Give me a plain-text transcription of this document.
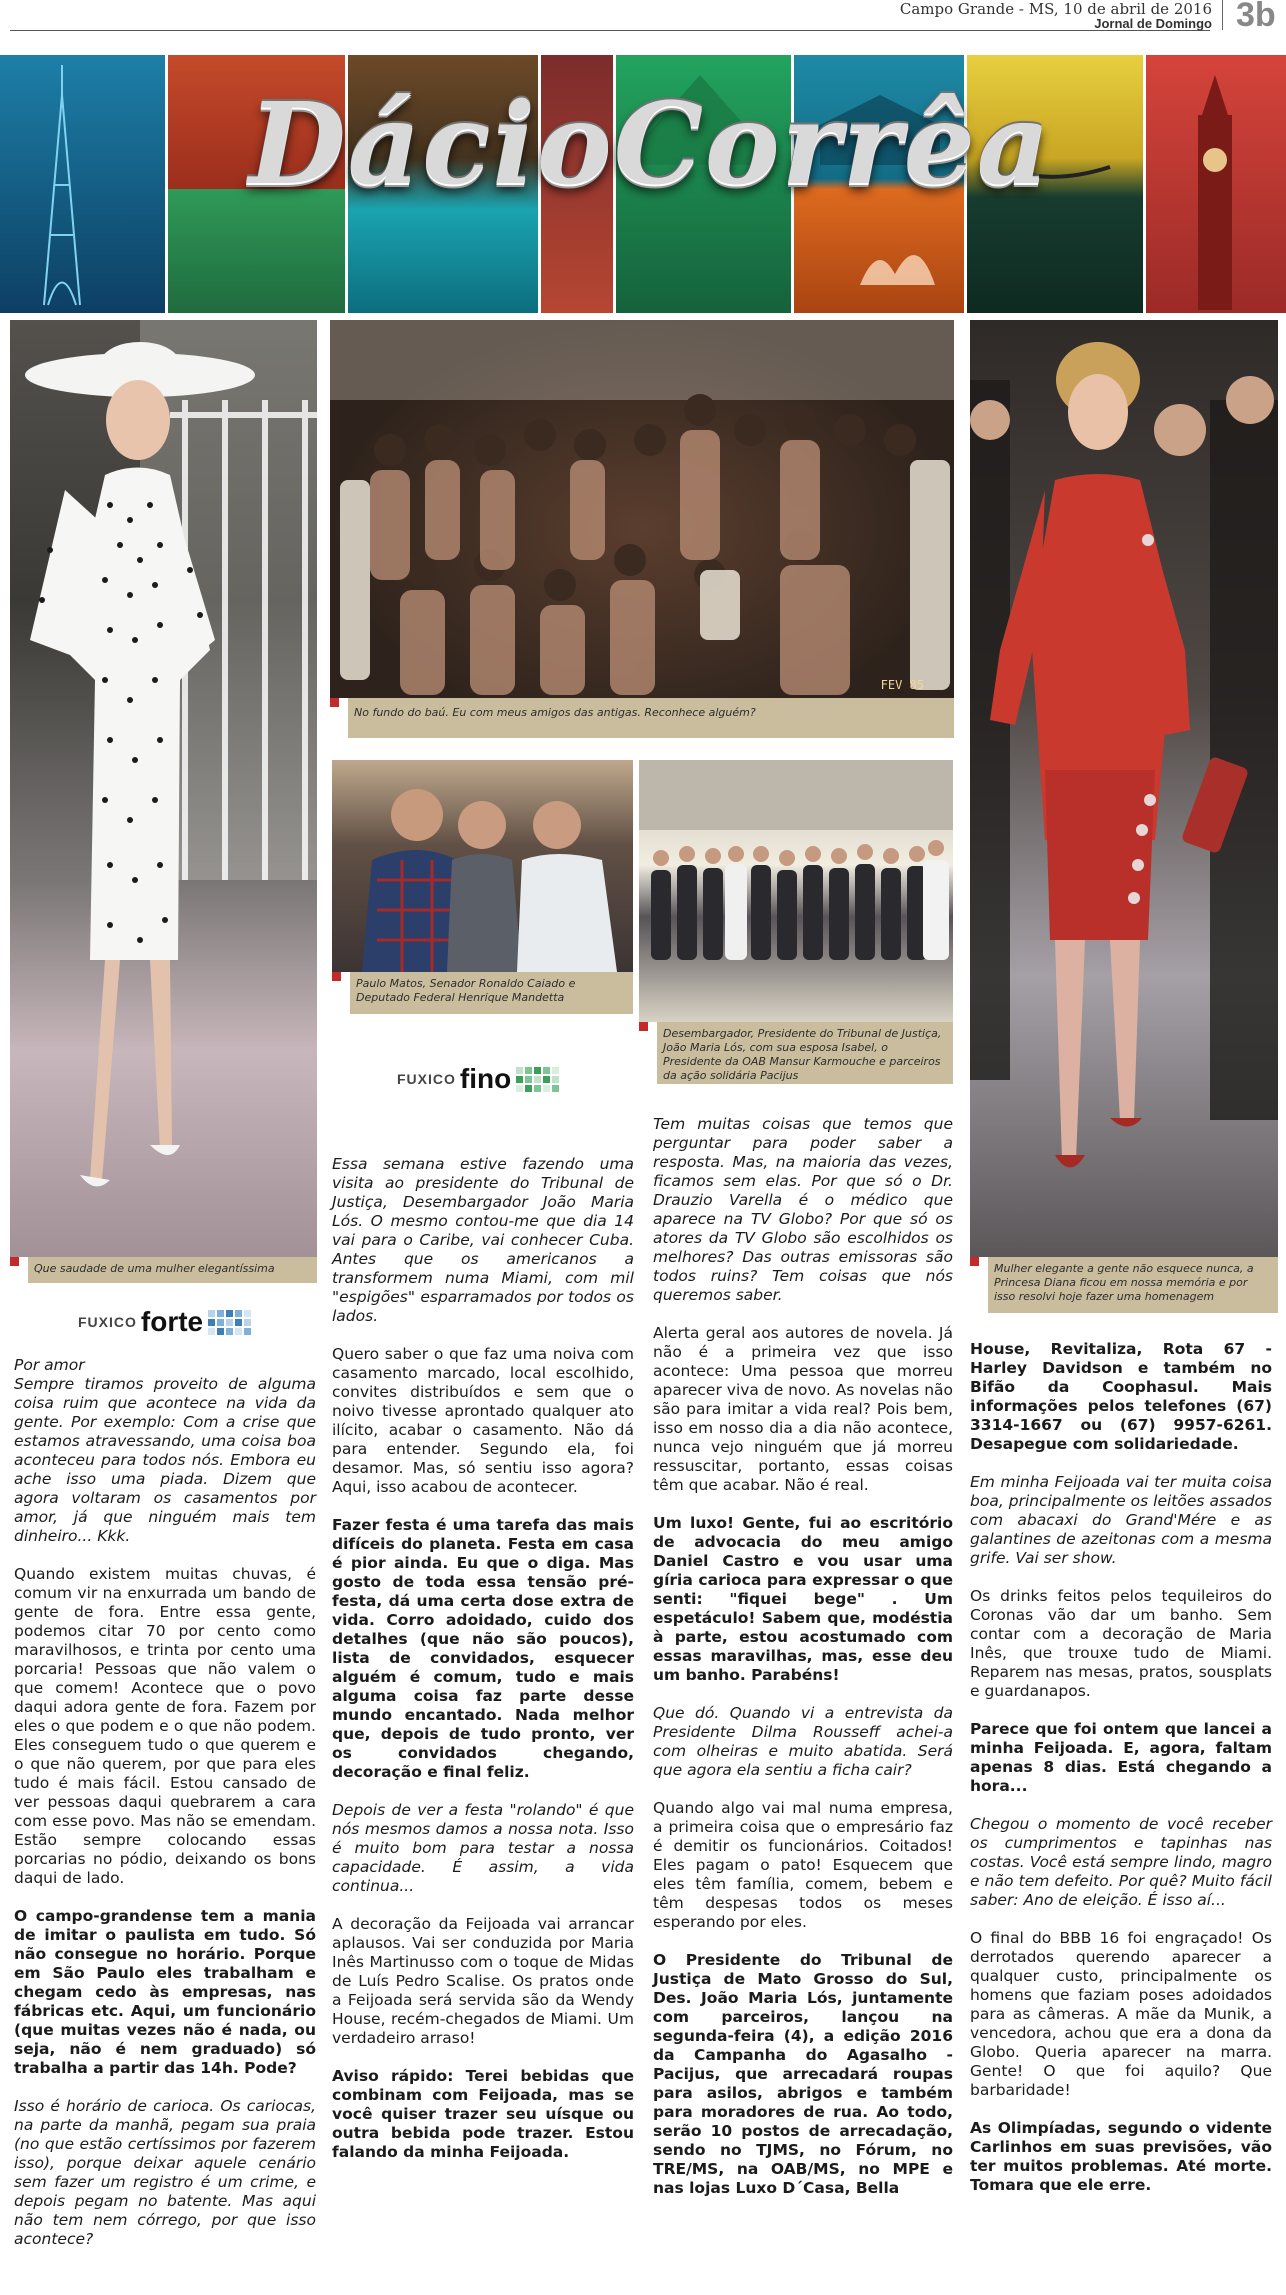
Campo Grande - MS, 10 de abril de 2016
Jornal de Domingo 3b
DácioCorrêa
Que saudade de uma mulher elegantíssima
FEV 85
No fundo do baú. Eu com meus amigos das antigas. Reconhece alguém?
Paulo Matos, Senador Ronaldo Caiado e Deputado Federal Henrique Mandetta
Desembargador, Presidente do Tribunal de Justiça, João Maria Lós, com sua esposa Isabel, o Presidente da OAB Mansur Karmouche e parceiros da ação solidária Pacijus
Mulher elegante a gente não esquece nunca, a Princesa Diana ficou em nossa memória e por isso resolvi hoje fazer uma homenagem
FUXICO forte
FUXICO fino

Por amor

Sempre tiramos proveito de alguma coisa ruim que acontece na vida da gente. Por exemplo: Com a crise que estamos atravessando, uma coisa boa aconteceu para todos nós. Embora eu ache isso uma piada. Dizem que agora voltaram os casamentos por amor, já que ninguém mais tem dinheiro... Kkk.

Quando existem muitas chuvas, é comum vir na enxurrada um bando de gente de fora. Entre essa gente, podemos citar 70 por cento como maravilhosos, e trinta por cento uma porcaria! Pessoas que não valem o que comem! Acontece que o povo daqui adora gente de fora. Fazem por eles o que podem e o que não podem. Eles conseguem tudo o que querem e o que não querem, por que para eles tudo é mais fácil. Estou cansado de ver pessoas daqui quebrarem a cara com esse povo. Mas não se emendam. Estão sempre colocando essas porcarias no pódio, deixando os bons daqui de lado.

O campo-grandense tem a mania de imitar o paulista em tudo. Só não consegue no horário. Porque em São Paulo eles trabalham e chegam cedo às empresas, nas fábricas etc. Aqui, um funcionário (que muitas vezes não é nada, ou seja, não é nem graduado) só trabalha a partir das 14h. Pode?

Isso é horário de carioca. Os cariocas, na parte da manhã, pegam sua praia (no que estão certíssimos por fazerem isso), porque deixar aquele cenário sem fazer um registro é um crime, e depois pegam no batente. Mas aqui não tem nem córrego, por que isso acontece?

Essa semana estive fazendo uma visita ao presidente do Tribunal de Justiça, Desembargador João Maria Lós. O mesmo contou-me que dia 14 vai para o Caribe, vai conhecer Cuba. Antes que os americanos a transformem numa Miami, com mil "espigões" esparramados por todos os lados.

Quero saber o que faz uma noiva com casamento marcado, local escolhido, convites distribuídos e sem que o noivo tivesse aprontado qualquer ato ilícito, acabar o casamento. Não dá para entender. Segundo ela, foi desamor. Mas, só sentiu isso agora? Aqui, isso acabou de acontecer.

Fazer festa é uma tarefa das mais difíceis do planeta. Festa em casa é pior ainda. Eu que o diga. Mas gosto de toda essa tensão pré-festa, dá uma certa dose extra de vida. Corro adoidado, cuido dos detalhes (que não são poucos), lista de convidados, esquecer alguém é comum, tudo e mais alguma coisa faz parte desse mundo encantado. Nada melhor que, depois de tudo pronto, ver os convidados chegando, decoração e final feliz.

Depois de ver a festa "rolando" é que nós mesmos damos a nossa nota. Isso é muito bom para testar a nossa capacidade. É assim, a vida continua...

A decoração da Feijoada vai arrancar aplausos. Vai ser conduzida por Maria Inês Martinusso com o toque de Midas de Luís Pedro Scalise. Os pratos onde a Feijoada será servida são da Wendy House, recém-chegados de Miami. Um verdadeiro arraso!

Aviso rápido: Terei bebidas que combinam com Feijoada, mas se você quiser trazer seu uísque ou outra bebida pode trazer. Estou falando da minha Feijoada.

Tem muitas coisas que temos que perguntar para poder saber a resposta. Mas, na maioria das vezes, ficamos sem elas. Por que só o Dr. Drauzio Varella é o médico que aparece na TV Globo? Por que só os atores da TV Globo são escolhidos os melhores? Das outras emissoras são todos ruins? Tem coisas que nós queremos saber.

Alerta geral aos autores de novela. Já não é a primeira vez que isso acontece: Uma pessoa que morreu aparecer viva de novo. As novelas não são para imitar a vida real? Pois bem, isso em nosso dia a dia não acontece, nunca vejo ninguém que já morreu ressuscitar, portanto, essas coisas têm que acabar. Não é real.

Um luxo! Gente, fui ao escritório de advocacia do meu amigo Daniel Castro e vou usar uma gíria carioca para expressar o que senti: "fiquei bege" . Um espetáculo! Sabem que, modéstia à parte, estou acostumado com essas maravilhas, mas, esse deu um banho. Parabéns!

Que dó. Quando vi a entrevista da Presidente Dilma Rousseff achei-a com olheiras e muito abatida. Será que agora ela sentiu a ficha cair?

Quando algo vai mal numa empresa, a primeira coisa que o empresário faz é demitir os funcionários. Coitados! Eles pagam o pato! Esquecem que eles têm família, comem, bebem e têm despesas todos os meses esperando por eles.

O Presidente do Tribunal de Justiça de Mato Grosso do Sul, Des. João Maria Lós, juntamente com parceiros, lançou na segunda-feira (4), a edição 2016 da Campanha do Agasalho - Pacijus, que arrecadará roupas para asilos, abrigos e também para moradores de rua. Ao todo, serão 10 postos de arrecadação, sendo no TJMS, no Fórum, no TRE/MS, na OAB/MS, no MPE e nas lojas Luxo D´Casa, Bella

House, Revitaliza, Rota 67 - Harley Davidson e também no Bifão da Coophasul. Mais informações pelos telefones (67) 3314-1667 ou (67) 9957-6261. Desapegue com solidariedade.

Em minha Feijoada vai ter muita coisa boa, principalmente os leitões assados com abacaxi do Grand'Mére e as galantines de azeitonas com a mesma grife. Vai ser show.

Os drinks feitos pelos tequileiros do Coronas vão dar um banho. Sem contar com a decoração de Maria Inês, que trouxe tudo de Miami. Reparem nas mesas, pratos, sousplats e guardanapos.

Parece que foi ontem que lancei a minha Feijoada. E, agora, faltam apenas 8 dias. Está chegando a hora...

Chegou o momento de você receber os cumprimentos e tapinhas nas costas. Você está sempre lindo, magro e não tem defeito. Por quê? Muito fácil saber: Ano de eleição. É isso aí...

O final do BBB 16 foi engraçado! Os derrotados querendo aparecer a qualquer custo, principalmente os homens que faziam poses adoidados para as câmeras. A mãe da Munik, a vencedora, achou que era a dona da Globo. Queria aparecer na marra. Gente! O que foi aquilo? Que barbaridade!

As Olimpíadas, segundo o vidente Carlinhos em suas previsões, vão ter muitos problemas. Até morte. Tomara que ele erre.
